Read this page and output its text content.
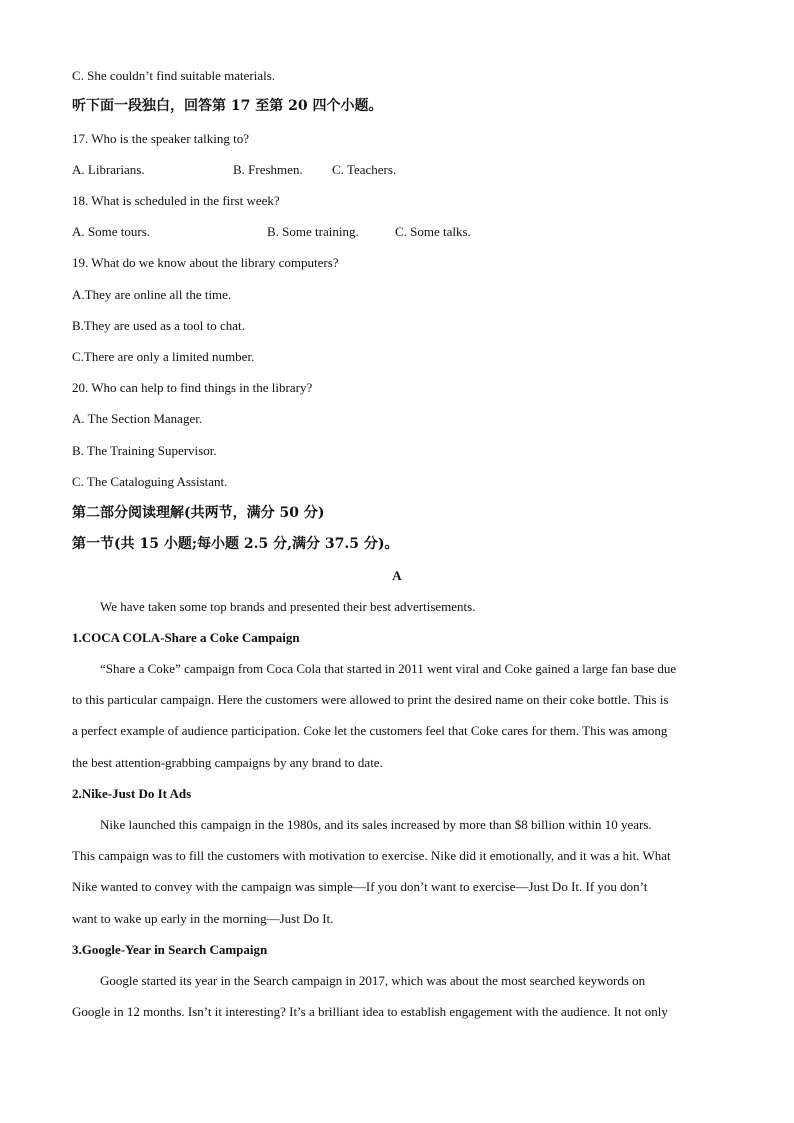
C. She couldn’t find suitable materials.
听下面一段独白，回答第 17 至第 20 四个小题。
17. Who is the speaker talking to?
A. Librarians.	B. Freshmen. C. Teachers.
18. What is scheduled in the first week?
A. Some tours.	B. Some training.	C. Some talks.
19. What do we know about the library computers?
A.They are online all the time.
B.They are used as a tool to chat.
C.There are only a limited number.
20. Who can help to find things in the library?
A. The Section Manager.
B. The Training Supervisor.
C. The Cataloguing Assistant.
第二部分阅读理解(共两节，满分 50 分)
第一节(共 15 小题;每小题 2.5 分,满分 37.5 分)。
A
We have taken some top brands and presented their best advertisements.
1.COCA COLA-Share a Coke Campaign
“Share a Coke” campaign from Coca Cola that started in 2011 went viral and Coke gained a large fan base due
to this particular campaign. Here the customers were allowed to print the desired name on their coke bottle. This is
a perfect example of audience participation. Coke let the customers feel that Coke cares for them. This was among
the best attention-grabbing campaigns by any brand to date.
2.Nike-Just Do It Ads
Nike launched this campaign in the 1980s, and its sales increased by more than $8 billion within 10 years.
This campaign was to fill the customers with motivation to exercise. Nike did it emotionally, and it was a hit. What
Nike wanted to convey with the campaign was simple—If you don’t want to exercise—Just Do It. If you don’t
want to wake up early in the morning—Just Do It.
3.Google-Year in Search Campaign
Google started its year in the Search campaign in 2017, which was about the most searched keywords on
Google in 12 months. Isn’t it interesting? It’s a brilliant idea to establish engagement with the audience. It not only
